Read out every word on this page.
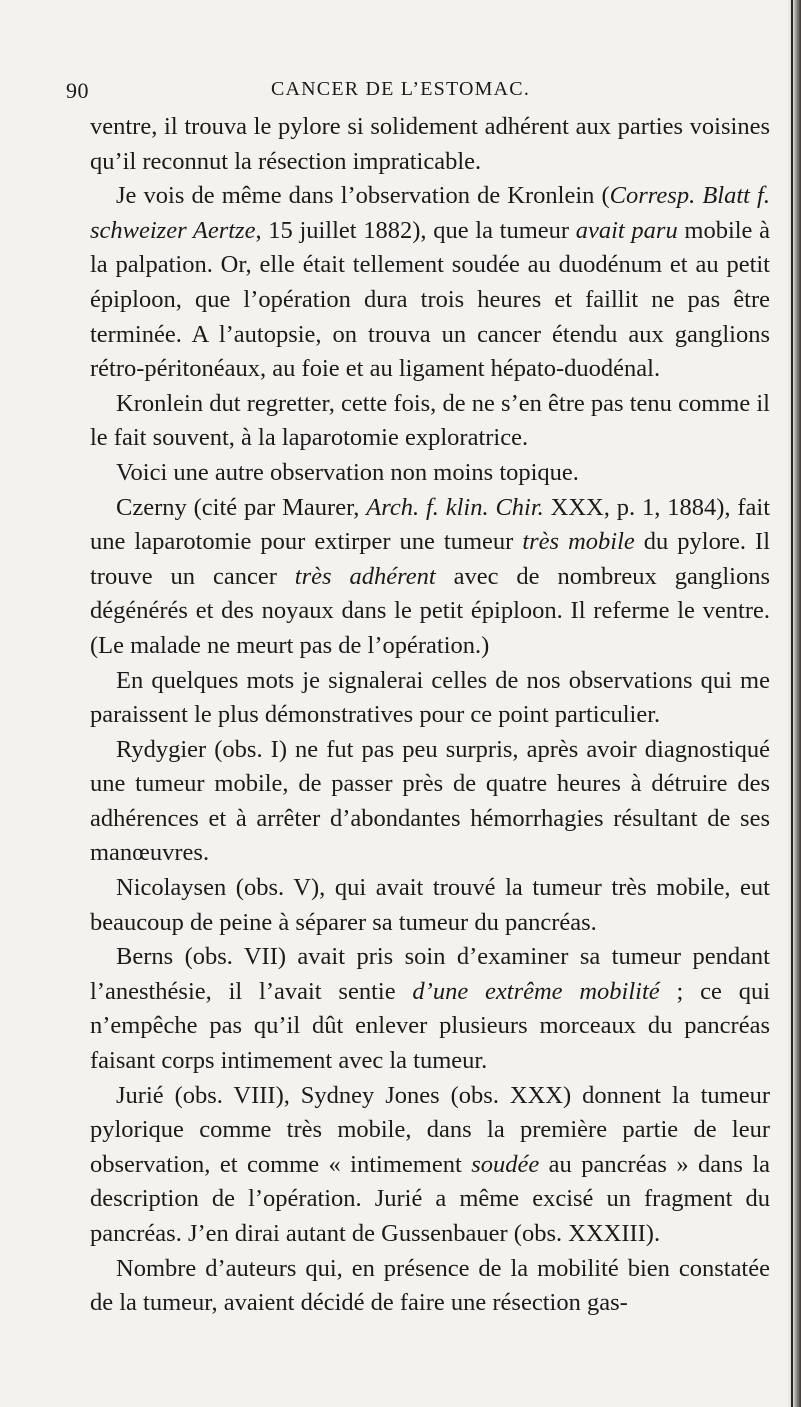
90	CANCER DE L’ESTOMAC.

ventre, il trouva le pylore si solidement adhérent aux parties voisines qu’il reconnut la résection impraticable.

Je vois de même dans l’observation de Kronlein (Corresp. Blatt f. schweizer Aertze, 15 juillet 1882), que la tumeur avait paru mobile à la palpation. Or, elle était tellement soudée au duodénum et au petit épiploon, que l’opération dura trois heures et faillit ne pas être terminée. A l’autopsie, on trouva un cancer étendu aux ganglions rétro-péritonéaux, au foie et au ligament hépato-duodénal.

Kronlein dut regretter, cette fois, de ne s’en être pas tenu comme il le fait souvent, à la laparotomie exploratrice.

Voici une autre observation non moins topique.

Czerny (cité par Maurer, Arch. f. klin. Chir. XXX, p. 1, 1884), fait une laparotomie pour extirper une tumeur très mobile du pylore. Il trouve un cancer très adhérent avec de nombreux ganglions dégénérés et des noyaux dans le petit épiploon. Il referme le ventre. (Le malade ne meurt pas de l’opération.)

En quelques mots je signalerai celles de nos observations qui me paraissent le plus démonstratives pour ce point particulier.

Rydygier (obs. I) ne fut pas peu surpris, après avoir diagnostiqué une tumeur mobile, de passer près de quatre heures à détruire des adhérences et à arrêter d’abondantes hémorrhagies résultant de ses manœuvres.

Nicolaysen (obs. V), qui avait trouvé la tumeur très mobile, eut beaucoup de peine à séparer sa tumeur du pancréas.

Berns (obs. VII) avait pris soin d’examiner sa tumeur pendant l’anesthésie, il l’avait sentie d’une extrême mobilité ; ce qui n’empêche pas qu’il dût enlever plusieurs morceaux du pancréas faisant corps intimement avec la tumeur.

Jurié (obs. VIII), Sydney Jones (obs. XXX) donnent la tumeur pylorique comme très mobile, dans la première partie de leur observation, et comme « intimement soudée au pancréas » dans la description de l’opération. Jurié a même excisé un fragment du pancréas. J’en dirai autant de Gussenbauer (obs. XXXIII).

Nombre d’auteurs qui, en présence de la mobilité bien constatée de la tumeur, avaient décidé de faire une résection gas-
